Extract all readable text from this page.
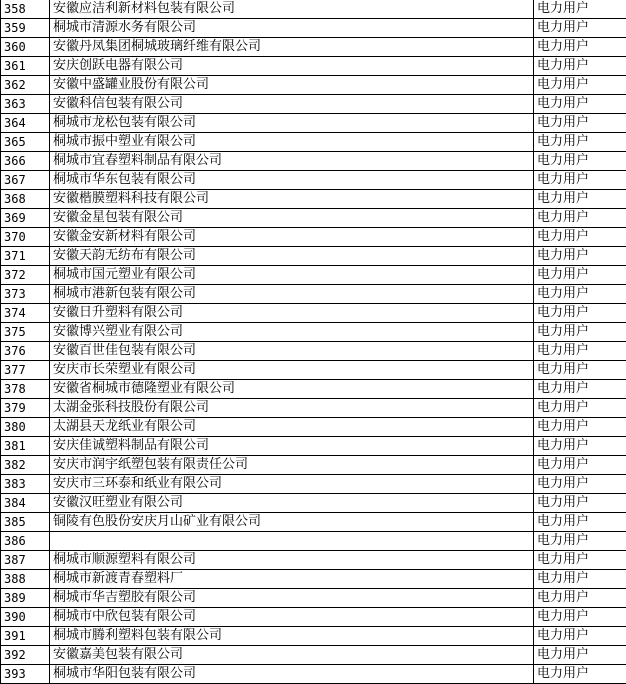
358	安徽应洁利新材料包装有限公司	电力用户
359	桐城市清源水务有限公司	电力用户
360	安徽丹凤集团桐城玻璃纤维有限公司	电力用户
361	安庆创跃电器有限公司	电力用户
362	安徽中盛罐业股份有限公司	电力用户
363	安徽科信包装有限公司	电力用户
364	桐城市龙松包装有限公司	电力用户
365	桐城市振中塑业有限公司	电力用户
366	桐城市宜春塑料制品有限公司	电力用户
367	桐城市华东包装有限公司	电力用户
368	安徽楷膜塑料科技有限公司	电力用户
369	安徽金星包装有限公司	电力用户
370	安徽金安新材料有限公司	电力用户
371	安徽天韵无纺布有限公司	电力用户
372	桐城市国元塑业有限公司	电力用户
373	桐城市港新包装有限公司	电力用户
374	安徽日升塑料有限公司	电力用户
375	安徽博兴塑业有限公司	电力用户
376	安徽百世佳包装有限公司	电力用户
377	安庆市长荣塑业有限公司	电力用户
378	安徽省桐城市德隆塑业有限公司	电力用户
379	太湖金张科技股份有限公司	电力用户
380	太湖县天龙纸业有限公司	电力用户
381	安庆佳诚塑料制品有限公司	电力用户
382	安庆市润宇纸塑包装有限责任公司	电力用户
383	安庆市三环泰和纸业有限公司	电力用户
384	安徽汉旺塑业有限公司	电力用户
385	铜陵有色股份安庆月山矿业有限公司	电力用户
386		电力用户
387	桐城市顺源塑料有限公司	电力用户
388	桐城市新渡青春塑料厂	电力用户
389	桐城市华吉塑胶有限公司	电力用户
390	桐城市中欣包装有限公司	电力用户
391	桐城市腾利塑料包装有限公司	电力用户
392	安徽嘉美包装有限公司	电力用户
393	桐城市华阳包装有限公司	电力用户
